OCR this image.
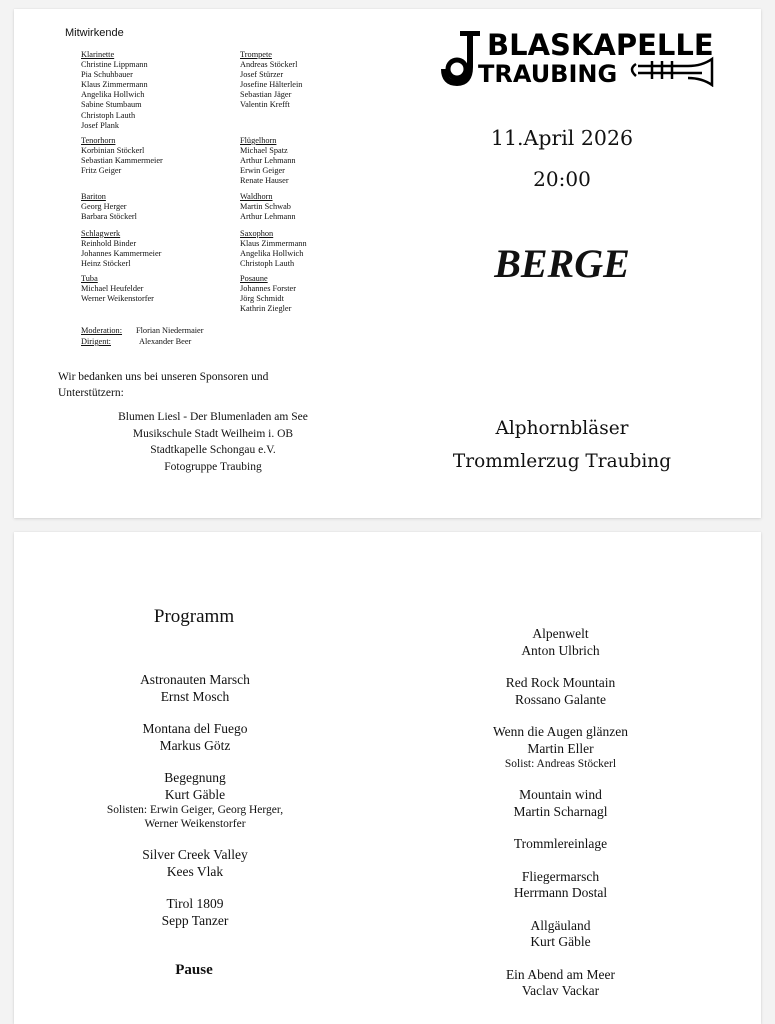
Mitwirkende
Klarinette
Christine Lippmann
Pia Schuhbauer
Klaus Zimmermann
Angelika Hollwich
Sabine Stumbaum
Christoph Lauth
Josef Plank
Tenorhorn
Korbinian Stöckerl
Sebastian Kammermeier
Fritz Geiger
Bariton
Georg Herger
Barbara Stöckerl
Schlagwerk
Reinhold Binder
Johannes Kammermeier
Heinz Stöckerl
Tuba
Michael Heufelder
Werner Weikenstorfer
Trompete
Andreas Stöckerl
Josef Stürzer
Josefine Hälterlein
Sebastian Jäger
Valentin Krefft
Flügelhorn
Michael Spatz
Arthur Lehmann
Erwin Geiger
Renate Hauser
Waldhorn
Martin Schwab
Arthur Lehmann
Saxophon
Klaus Zimmermann
Angelika Hollwich
Christoph Lauth
Posaune
Johannes Forster
Jörg Schmidt
Kathrin Ziegler
Moderation: Florian Niedermaier
Dirigent:	Alexander Beer
Wir bedanken uns bei unseren Sponsoren und Unterstützern:
Blumen Liesl - Der Blumenladen am See
Musikschule Stadt Weilheim i. OB
Stadtkapelle Schongau e.V.
Fotogruppe Traubing
BLASKAPELLE
TRAUBING
11.April 2026
20:00
BERGE
Alphornbläser
Trommlerzug Traubing
Programm
Astronauten Marsch
Ernst Mosch
Montana del Fuego
Markus Götz
Begegnung
Kurt Gäble
Solisten: Erwin Geiger, Georg Herger,
Werner Weikenstorfer
Silver Creek Valley
Kees Vlak
Tirol 1809
Sepp Tanzer
Pause
Alpenwelt
Anton Ulbrich
Red Rock Mountain
Rossano Galante
Wenn die Augen glänzen
Martin Eller
Solist: Andreas Stöckerl
Mountain wind
Martin Scharnagl
Trommlereinlage
Fliegermarsch
Herrmann Dostal
Allgäuland
Kurt Gäble
Ein Abend am Meer
Vaclav Vackar
